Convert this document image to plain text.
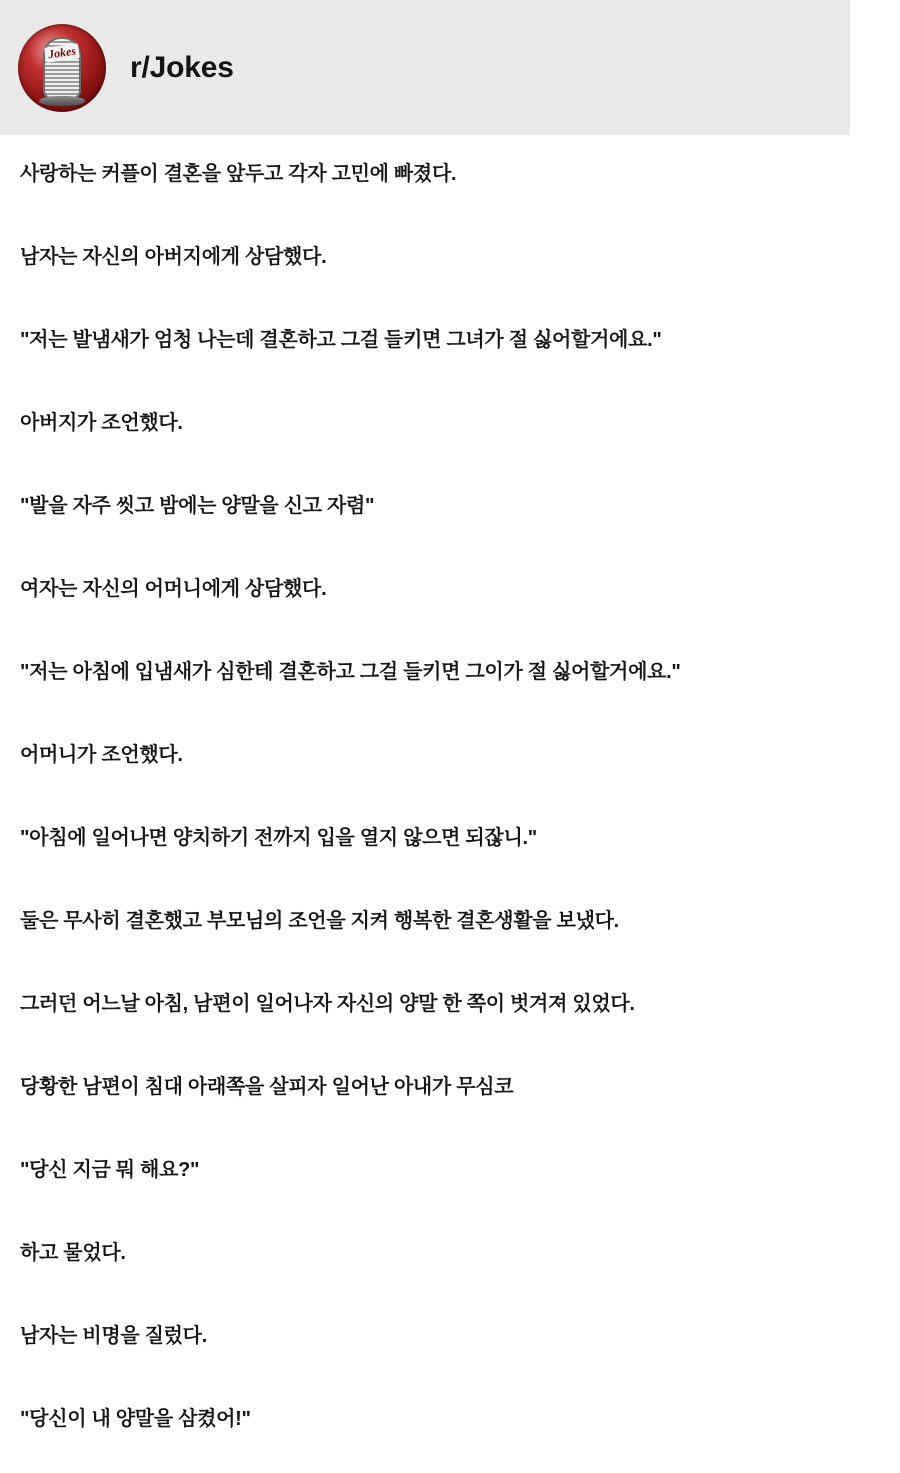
Jokes r/Jokes

사랑하는 커플이 결혼을 앞두고 각자 고민에 빠졌다.

남자는 자신의 아버지에게 상담했다.

"저는 발냄새가 엄청 나는데 결혼하고 그걸 들키면 그녀가 절 싫어할거에요."

아버지가 조언했다.

"발을 자주 씻고 밤에는 양말을 신고 자렴"

여자는 자신의 어머니에게 상담했다.

"저는 아침에 입냄새가 심한테 결혼하고 그걸 들키면 그이가 절 싫어할거에요."

어머니가 조언했다.

"아침에 일어나면 양치하기 전까지 입을 열지 않으면 되잖니."

둘은 무사히 결혼했고 부모님의 조언을 지켜 행복한 결혼생활을 보냈다.

그러던 어느날 아침, 남편이 일어나자 자신의 양말 한 쪽이 벗겨져 있었다.

당황한 남편이 침대 아래쪽을 살피자 일어난 아내가 무심코

"당신 지금 뭐 해요?"

하고 물었다.

남자는 비명을 질렀다.

"당신이 내 양말을 삼켰어!"
